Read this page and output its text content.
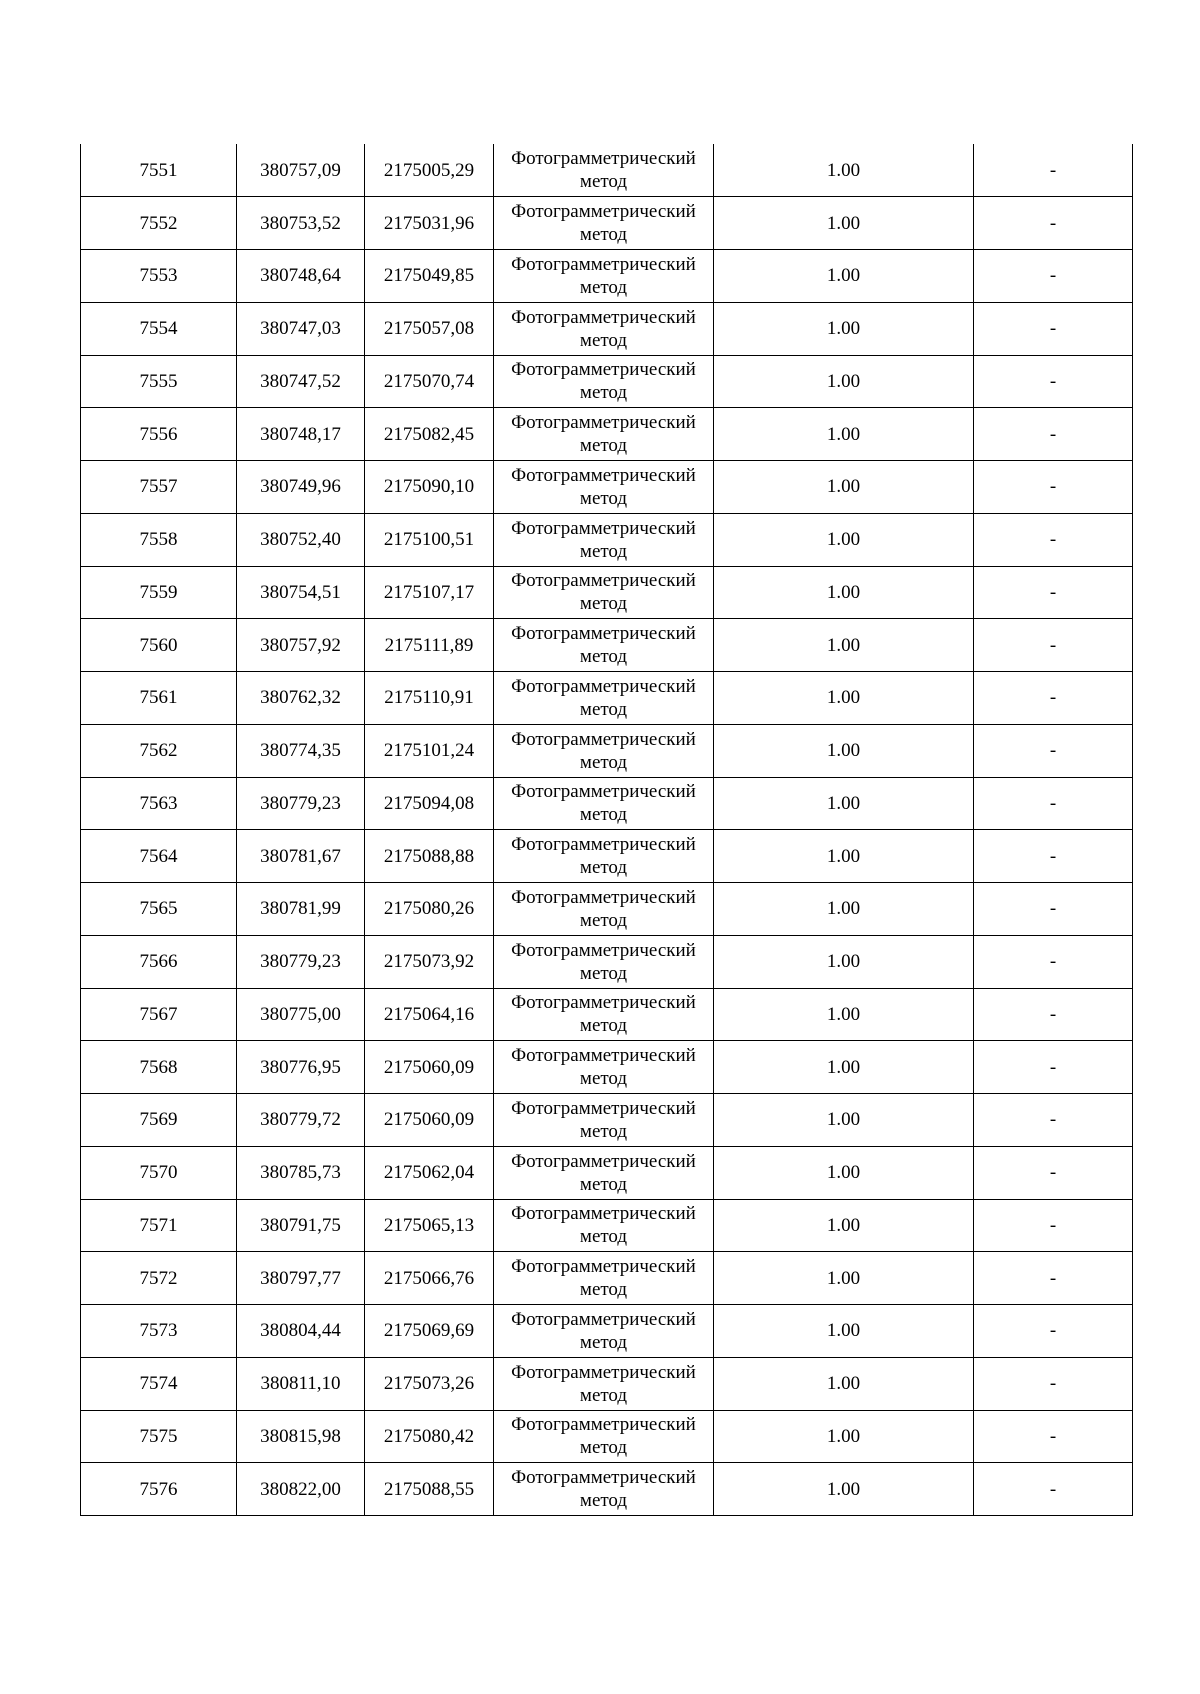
7551	380757,09	2175005,29	Фотограмметрический метод	1.00	-
7552	380753,52	2175031,96	Фотограмметрический метод	1.00	-
7553	380748,64	2175049,85	Фотограмметрический метод	1.00	-
7554	380747,03	2175057,08	Фотограмметрический метод	1.00	-
7555	380747,52	2175070,74	Фотограмметрический метод	1.00	-
7556	380748,17	2175082,45	Фотограмметрический метод	1.00	-
7557	380749,96	2175090,10	Фотограмметрический метод	1.00	-
7558	380752,40	2175100,51	Фотограмметрический метод	1.00	-
7559	380754,51	2175107,17	Фотограмметрический метод	1.00	-
7560	380757,92	2175111,89	Фотограмметрический метод	1.00	-
7561	380762,32	2175110,91	Фотограмметрический метод	1.00	-
7562	380774,35	2175101,24	Фотограмметрический метод	1.00	-
7563	380779,23	2175094,08	Фотограмметрический метод	1.00	-
7564	380781,67	2175088,88	Фотограмметрический метод	1.00	-
7565	380781,99	2175080,26	Фотограмметрический метод	1.00	-
7566	380779,23	2175073,92	Фотограмметрический метод	1.00	-
7567	380775,00	2175064,16	Фотограмметрический метод	1.00	-
7568	380776,95	2175060,09	Фотограмметрический метод	1.00	-
7569	380779,72	2175060,09	Фотограмметрический метод	1.00	-
7570	380785,73	2175062,04	Фотограмметрический метод	1.00	-
7571	380791,75	2175065,13	Фотограмметрический метод	1.00	-
7572	380797,77	2175066,76	Фотограмметрический метод	1.00	-
7573	380804,44	2175069,69	Фотограмметрический метод	1.00	-
7574	380811,10	2175073,26	Фотограмметрический метод	1.00	-
7575	380815,98	2175080,42	Фотограмметрический метод	1.00	-
7576	380822,00	2175088,55	Фотограмметрический метод	1.00	-
